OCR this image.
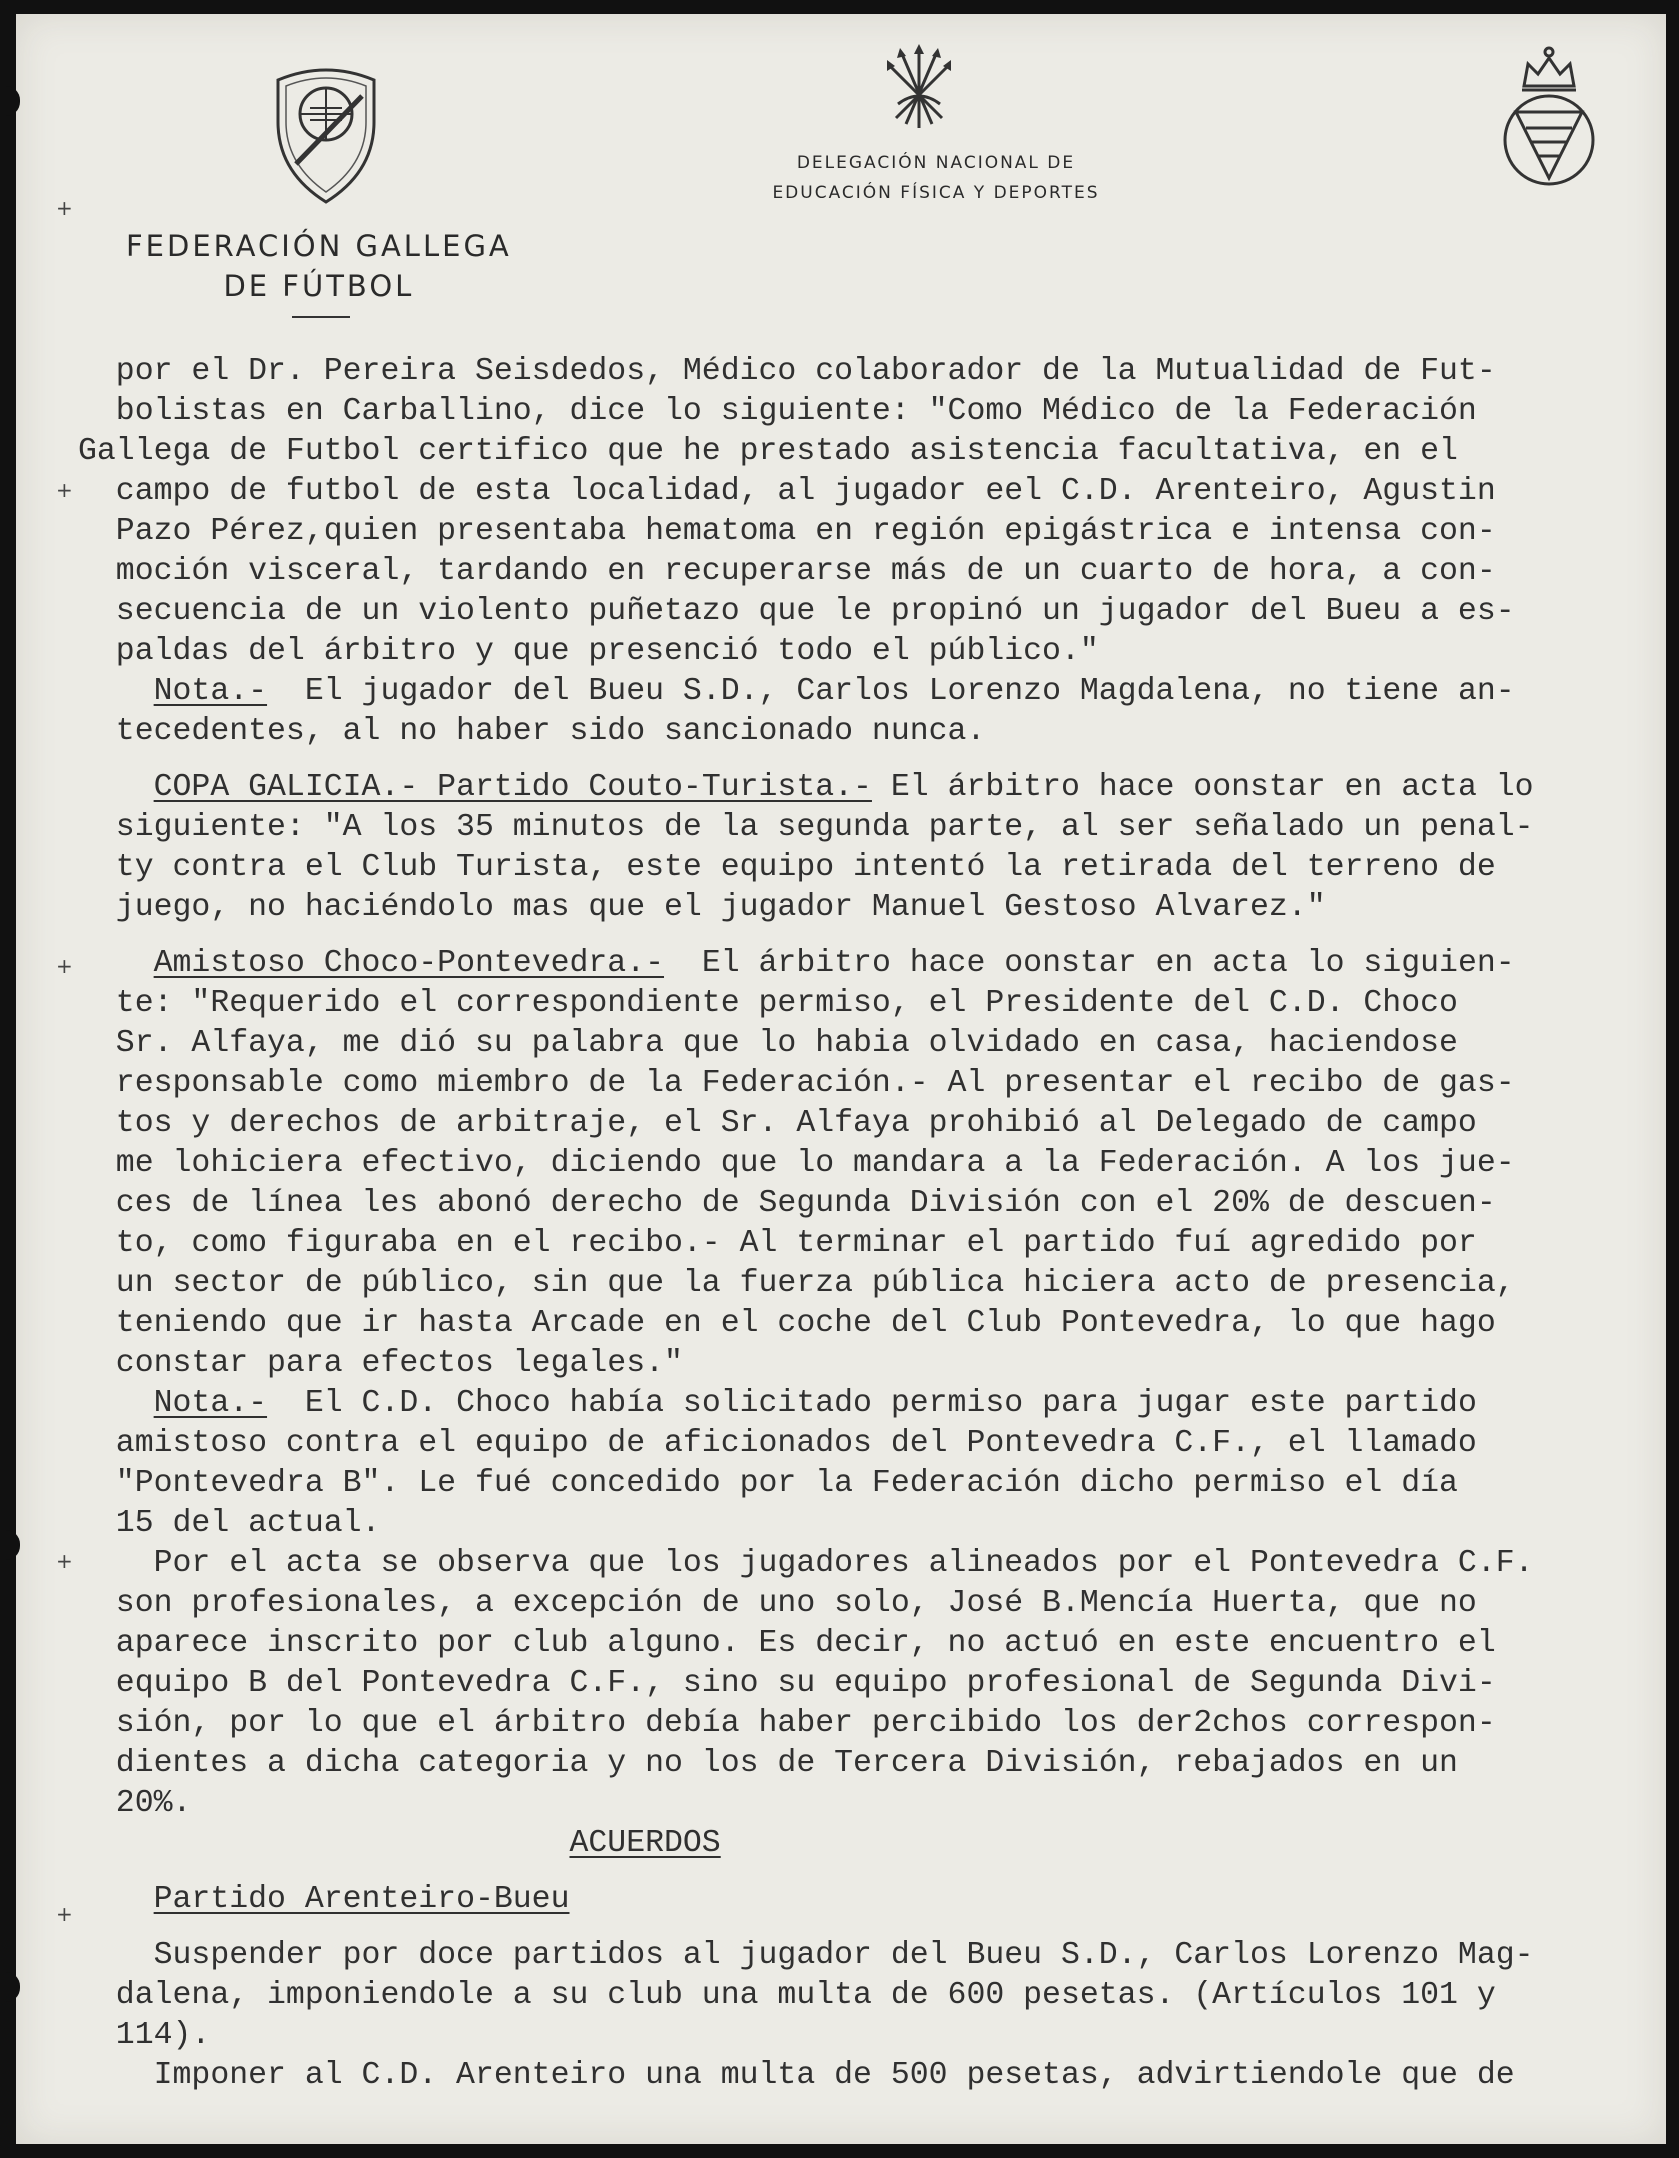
FEDERACIÓN GALLEGA
DE FÚTBOL
DELEGACIÓN NACIONAL DE
EDUCACIÓN FÍSICA Y DEPORTES
por el Dr. Pereira Seisdedos, Médico colaborador de la Mutualidad de Fut-
bolistas en Carballino, dice lo siguiente: "Como Médico de la Federación
Gallega de Futbol certifico que he prestado asistencia facultativa, en el
campo de futbol de esta localidad, al jugador eel C.D. Arenteiro, Agustin
Pazo Pérez,quien presentaba hematoma en región epigástrica e intensa con-
moción visceral, tardando en recuperarse más de un cuarto de hora, a con-
secuencia de un violento puñetazo que le propinó un jugador del Bueu a es-
paldas del árbitro y que presenció todo el público."
Nota.-  El jugador del Bueu S.D., Carlos Lorenzo Magdalena, no tiene an-
tecedentes, al no haber sido sancionado nunca.
COPA GALICIA.- Partido Couto-Turista.- El árbitro hace oonstar en acta lo
siguiente: "A los 35 minutos de la segunda parte, al ser señalado un penal-
ty contra el Club Turista, este equipo intentó la retirada del terreno de
juego, no haciéndolo mas que el jugador Manuel Gestoso Alvarez."
Amistoso Choco-Pontevedra.-  El árbitro hace oonstar en acta lo siguien-
te: "Requerido el correspondiente permiso, el Presidente del C.D. Choco
Sr. Alfaya, me dió su palabra que lo habia olvidado en casa, haciendose
responsable como miembro de la Federación.- Al presentar el recibo de gas-
tos y derechos de arbitraje, el Sr. Alfaya prohibió al Delegado de campo
me lohiciera efectivo, diciendo que lo mandara a la Federación. A los jue-
ces de línea les abonó derecho de Segunda División con el 20% de descuen-
to, como figuraba en el recibo.- Al terminar el partido fuí agredido por
un sector de público, sin que la fuerza pública hiciera acto de presencia,
teniendo que ir hasta Arcade en el coche del Club Pontevedra, lo que hago
constar para efectos legales."
Nota.-  El C.D. Choco había solicitado permiso para jugar este partido
amistoso contra el equipo de aficionados del Pontevedra C.F., el llamado
"Pontevedra B". Le fué concedido por la Federación dicho permiso el día
15 del actual.
Por el acta se observa que los jugadores alineados por el Pontevedra C.F.
son profesionales, a excepción de uno solo, José B.Mencía Huerta, que no
aparece inscrito por club alguno. Es decir, no actuó en este encuentro el
equipo B del Pontevedra C.F., sino su equipo profesional de Segunda Divi-
sión, por lo que el árbitro debía haber percibido los der2chos correspon-
dientes a dicha categoria y no los de Tercera División, rebajados en un
20%.
ACUERDOS
Partido Arenteiro-Bueu
Suspender por doce partidos al jugador del Bueu S.D., Carlos Lorenzo Mag-
dalena, imponiendole a su club una multa de 600 pesetas. (Artículos 101 y
114).
Imponer al C.D. Arenteiro una multa de 500 pesetas, advirtiendole que de
+
+
+
+
+
